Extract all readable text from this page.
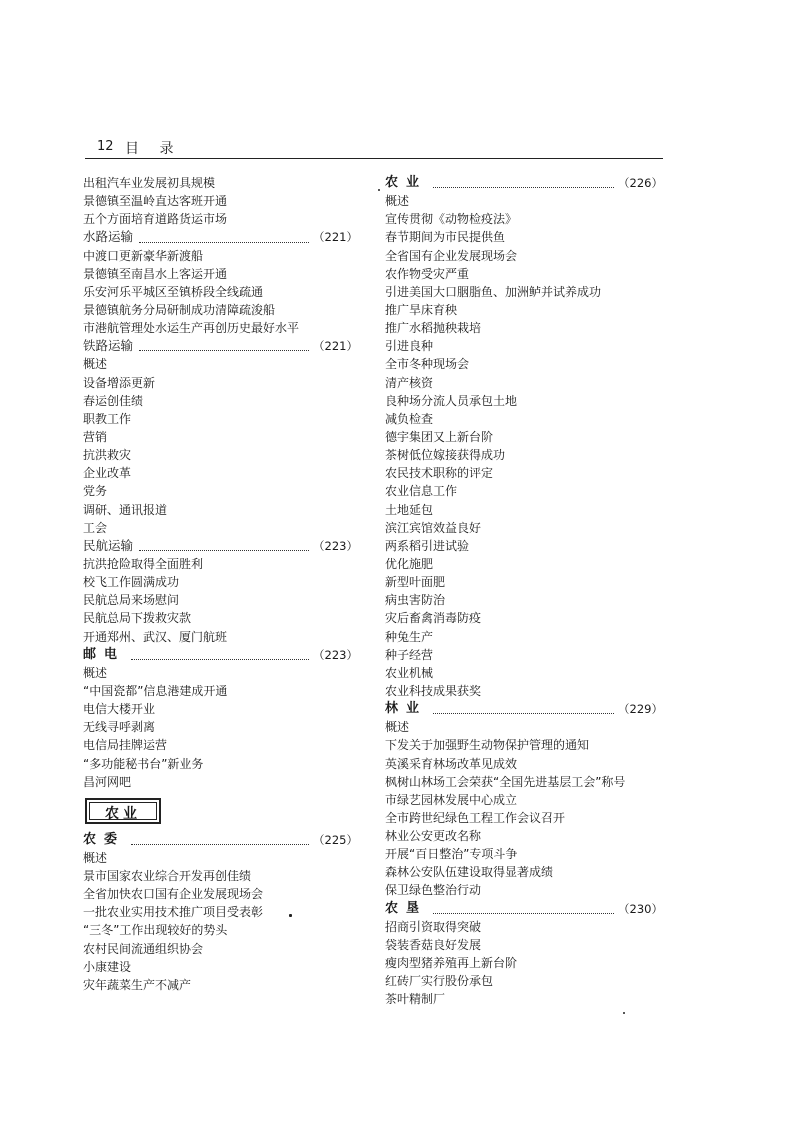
12 目 录
出租汽车业发展初具规模
景德镇至温岭直达客班开通
五个方面培育道路货运市场
水路运输	（221）
中渡口更新豪华新渡船
景德镇至南昌水上客运开通
乐安河乐平城区至镇桥段全线疏通
景德镇航务分局研制成功清障疏浚船
市港航管理处水运生产再创历史最好水平
铁路运输	（221）
概述
设备增添更新
春运创佳绩
职教工作
营销
抗洪救灾
企业改革
党务
调研、通讯报道
工会
民航运输	（223）
抗洪抢险取得全面胜利
校飞工作圆满成功
民航总局来场慰问
民航总局下拨救灾款
开通郑州、武汉、厦门航班
邮电	（223）
概述
“中国瓷都”信息港建成开通
电信大楼开业
无线寻呼剥离
电信局挂牌运营
“多功能秘书台”新业务
昌河网吧
农业
农委	（225）
概述
景市国家农业综合开发再创佳绩
全省加快农口国有企业发展现场会
一批农业实用技术推广项目受表彰
“三冬”工作出现较好的势头
农村民间流通组织协会
小康建设
灾年蔬菜生产不减产
农业	（226）
概述
宣传贯彻《动物检疫法》
春节期间为市民提供鱼
全省国有企业发展现场会
农作物受灾严重
引进美国大口胭脂鱼、加洲鲈并试养成功
推广旱床育秧
推广水稻抛秧栽培
引进良种
全市冬种现场会
清产核资
良种场分流人员承包土地
减负检查
德宇集团又上新台阶
茶树低位嫁接获得成功
农民技术职称的评定
农业信息工作
土地延包
滨江宾馆效益良好
两系稻引进试验
优化施肥
新型叶面肥
病虫害防治
灾后畜禽消毒防疫
种兔生产
种子经营
农业机械
农业科技成果获奖
林业	（229）
概述
下发关于加强野生动物保护管理的通知
英溪采育林场改革见成效
枫树山林场工会荣获“全国先进基层工会”称号
市绿艺园林发展中心成立
全市跨世纪绿色工程工作会议召开
林业公安更改名称
开展“百日整治”专项斗争
森林公安队伍建设取得显著成绩
保卫绿色整治行动
农垦	（230）
招商引资取得突破
袋装香菇良好发展
瘦肉型猪养殖再上新台阶
红砖厂实行股份承包
茶叶精制厂
